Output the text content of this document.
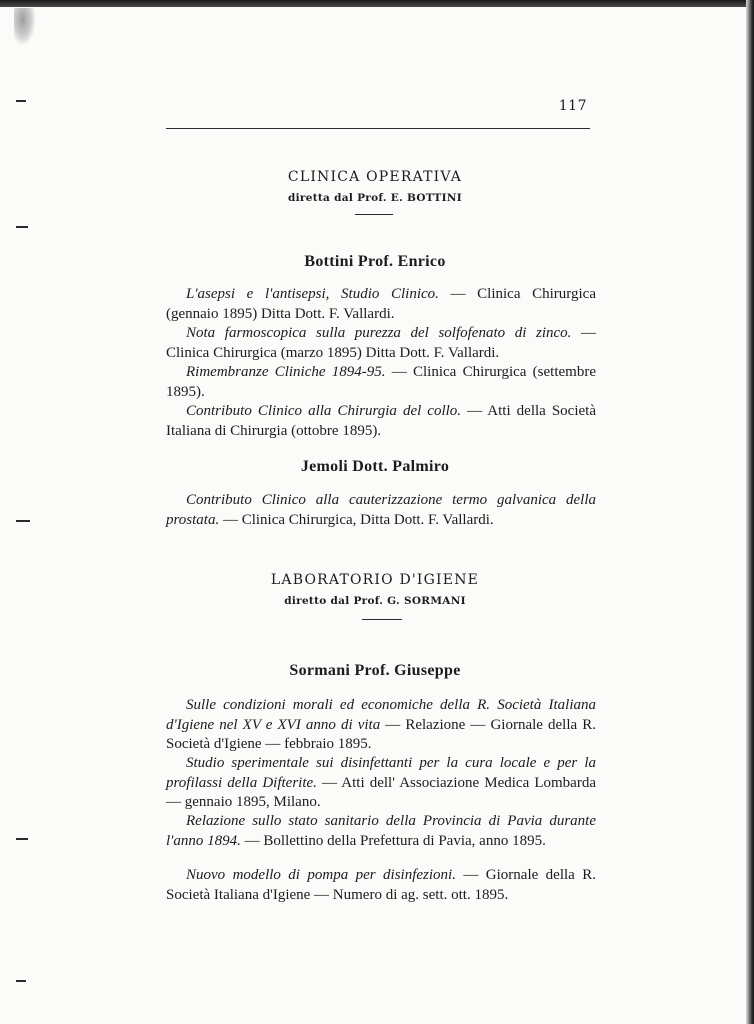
117
CLINICA OPERATIVA
diretta dal Prof. E. BOTTINI
Bottini Prof. Enrico
L'asepsi e l'antisepsi, Studio Clinico. — Clinica Chirurgica (gennaio 1895) Ditta Dott. F. Vallardi.
Nota farmoscopica sulla purezza del solfofenato di zinco. — Clinica Chirurgica (marzo 1895) Ditta Dott. F. Vallardi.
Rimembranze Cliniche 1894-95. — Clinica Chirurgica (settembre 1895).
Contributo Clinico alla Chirurgia del collo. — Atti della Società Italiana di Chirurgia (ottobre 1895).
Jemoli Dott. Palmiro
Contributo Clinico alla cauterizzazione termo galvanica della prostata. — Clinica Chirurgica, Ditta Dott. F. Vallardi.
LABORATORIO D'IGIENE
diretto dal Prof. G. SORMANI
Sormani Prof. Giuseppe
Sulle condizioni morali ed economiche della R. Società Italiana d'Igiene nel XV e XVI anno di vita — Relazione — Giornale della R. Società d'Igiene — febbraio 1895.
Studio sperimentale sui disinfettanti per la cura locale e per la profilassi della Difterite. — Atti dell' Associazione Medica Lombarda — gennaio 1895, Milano.
Relazione sullo stato sanitario della Provincia di Pavia durante l'anno 1894. — Bollettino della Prefettura di Pavia, anno 1895.
Nuovo modello di pompa per disinfezioni. — Giornale della R. Società Italiana d'Igiene — Numero di ag. sett. ott. 1895.
